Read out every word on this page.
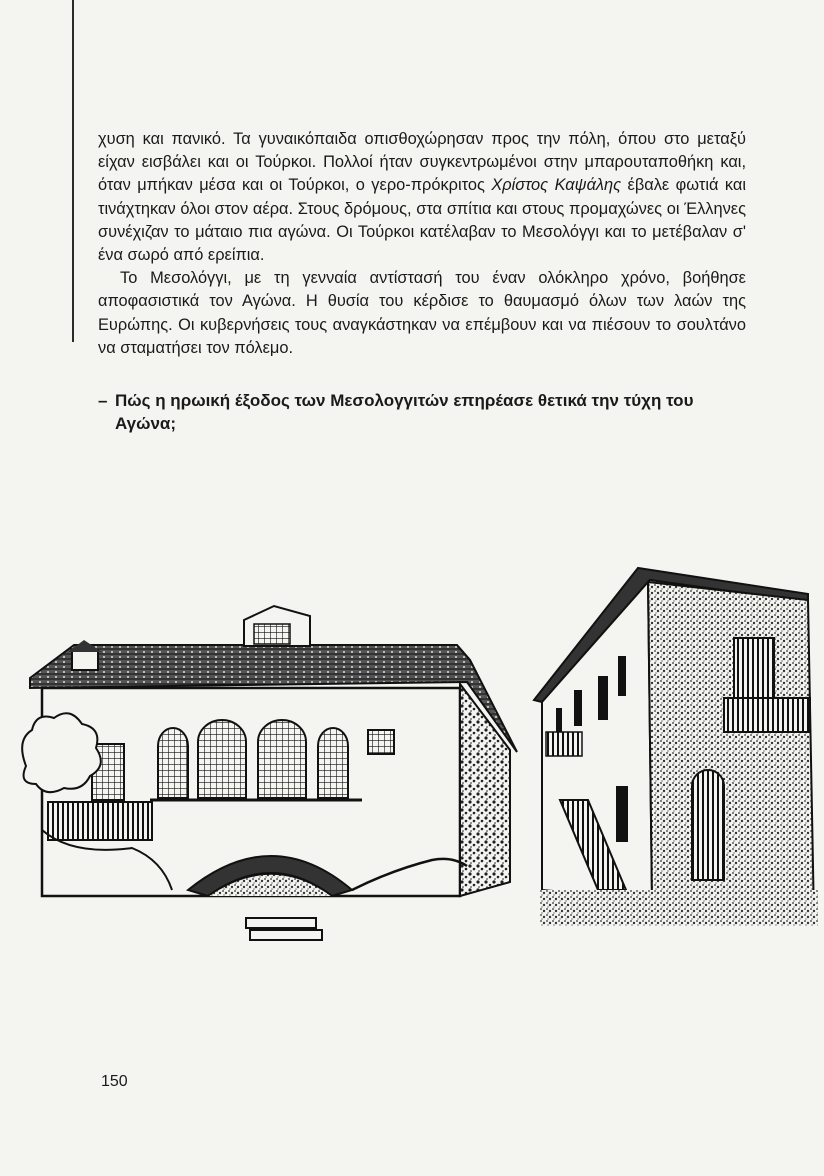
χυση και πανικό. Τα γυναικόπαιδα οπισθοχώρησαν προς την πόλη, όπου στο μεταξύ είχαν εισβάλει και οι Τούρκοι. Πολλοί ήταν συγκεντρωμένοι στην μπαρουταποθήκη και, όταν μπήκαν μέσα και οι Τούρκοι, ο γερο-πρόκριτος Χρίστος Καψάλης έβαλε φωτιά και τινάχτηκαν όλοι στον αέρα. Στους δρόμους, στα σπίτια και στους προμαχώνες οι Έλληνες συνέχιζαν το μάταιο πια αγώνα. Οι Τούρκοι κατέλαβαν το Μεσολόγγι και το μετέβαλαν σ' ένα σωρό από ερείπια.

Το Μεσολόγγι, με τη γενναία αντίστασή του έναν ολόκληρο χρόνο, βοήθησε αποφασιστικά τον Αγώνα. Η θυσία του κέρδισε το θαυμασμό όλων των λαών της Ευρώπης. Οι κυβερνήσεις τους αναγκάστηκαν να επέμβουν και να πιέσουν το σουλτάνο να σταματήσει τον πόλεμο.

– Πώς η ηρωική έξοδος των Μεσολογγιτών επηρέασε θετικά την τύχη του Αγώνα;
150
